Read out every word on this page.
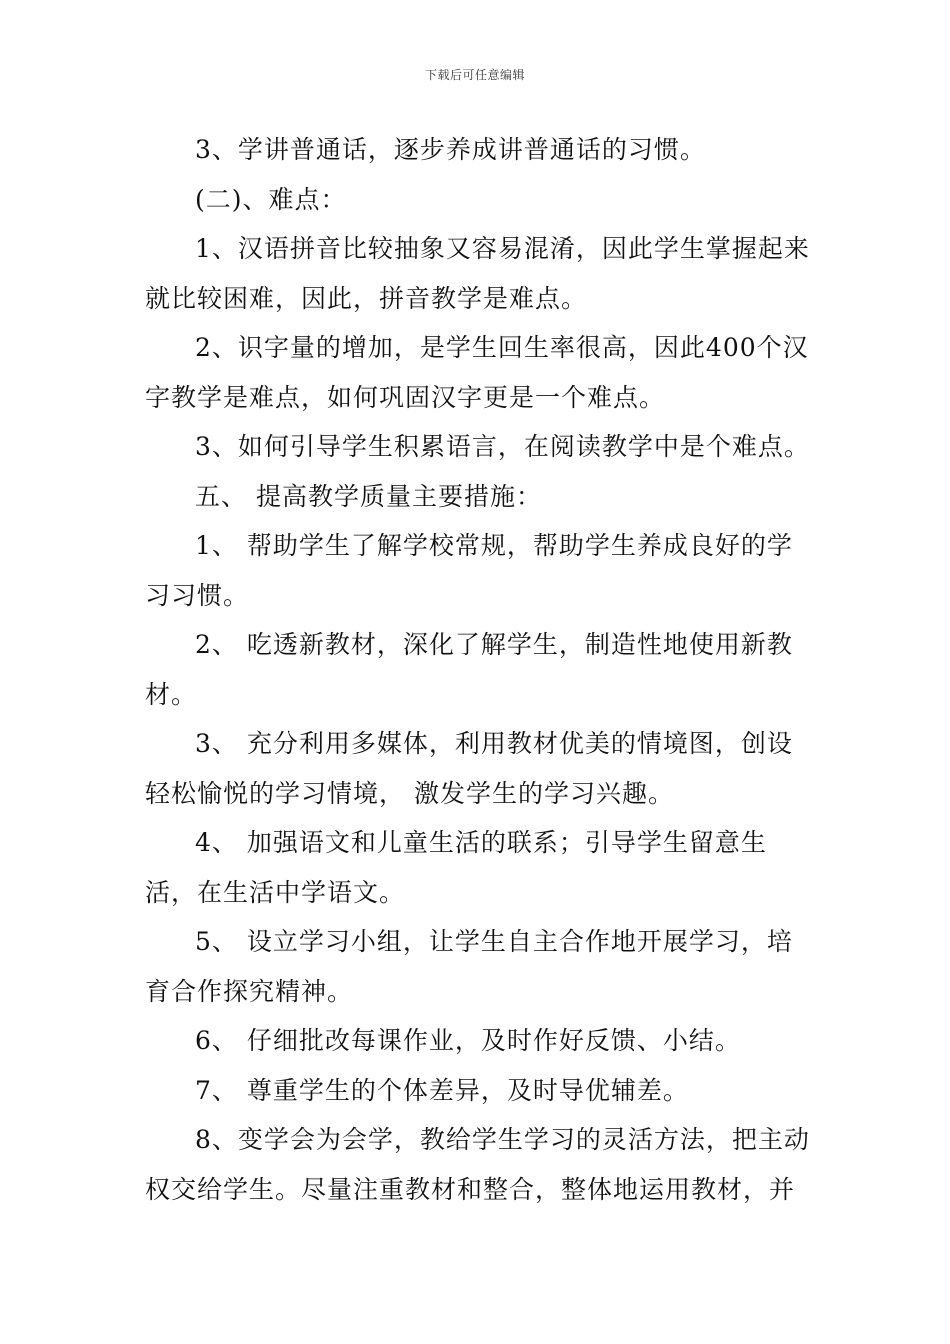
下载后可任意编辑

3、学讲普通话，逐步养成讲普通话的习惯。

(二)、难点：

1、汉语拼音比较抽象又容易混淆，因此学生掌握起来就比较困难，因此，拼音教学是难点。

2、识字量的增加，是学生回生率很高，因此400个汉字教学是难点，如何巩固汉字更是一个难点。

3、如何引导学生积累语言，在阅读教学中是个难点。

五、 提高教学质量主要措施：

1、 帮助学生了解学校常规，帮助学生养成良好的学习习惯。

2、 吃透新教材，深化了解学生，制造性地使用新教材。

3、 充分利用多媒体，利用教材优美的情境图，创设轻松愉悦的学习情境， 激发学生的学习兴趣。

4、 加强语文和儿童生活的联系；引导学生留意生活，在生活中学语文。

5、 设立学习小组，让学生自主合作地开展学习，培育合作探究精神。

6、 仔细批改每课作业，及时作好反馈、小结。

7、 尊重学生的个体差异，及时导优辅差。

8、变学会为会学，教给学生学习的灵活方法，把主动权交给学生。尽量注重教材和整合，整体地运用教材，并
